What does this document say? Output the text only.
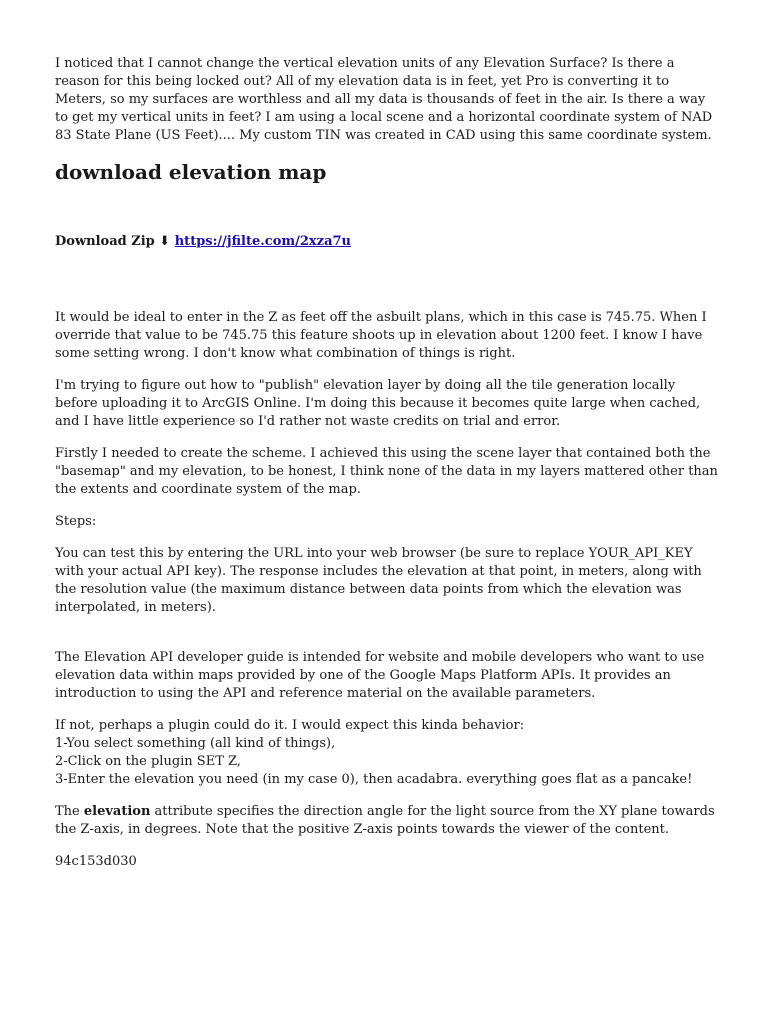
I noticed that I cannot change the vertical elevation units of any Elevation Surface? Is there a reason for this being locked out? All of my elevation data is in feet, yet Pro is converting it to Meters, so my surfaces are worthless and all my data is thousands of feet in the air. Is there a way to get my vertical units in feet? I am using a local scene and a horizontal coordinate system of NAD 83 State Plane (US Feet).... My custom TIN was created in CAD using this same coordinate system.

download elevation map

Download Zip ⬇ https://jfilte.com/2xza7u

It would be ideal to enter in the Z as feet off the asbuilt plans, which in this case is 745.75. When I override that value to be 745.75 this feature shoots up in elevation about 1200 feet. I know I have some setting wrong. I don't know what combination of things is right.

I'm trying to figure out how to "publish" elevation layer by doing all the tile generation locally before uploading it to ArcGIS Online. I'm doing this because it becomes quite large when cached, and I have little experience so I'd rather not waste credits on trial and error.

Firstly I needed to create the scheme. I achieved this using the scene layer that contained both the "basemap" and my elevation, to be honest, I think none of the data in my layers mattered other than the extents and coordinate system of the map.

Steps:

You can test this by entering the URL into your web browser (be sure to replace YOUR_API_KEY with your actual API key). The response includes the elevation at that point, in meters, along with the resolution value (the maximum distance between data points from which the elevation was interpolated, in meters).

The Elevation API developer guide is intended for website and mobile developers who want to use elevation data within maps provided by one of the Google Maps Platform APIs. It provides an introduction to using the API and reference material on the available parameters.

If not, perhaps a plugin could do it. I would expect this kinda behavior:
1-You select something (all kind of things),
2-Click on the plugin SET Z,
3-Enter the elevation you need (in my case 0), then acadabra. everything goes flat as a pancake!

The elevation attribute specifies the direction angle for the light source from the XY plane towards the Z-axis, in degrees. Note that the positive Z-axis points towards the viewer of the content.

94c153d030
